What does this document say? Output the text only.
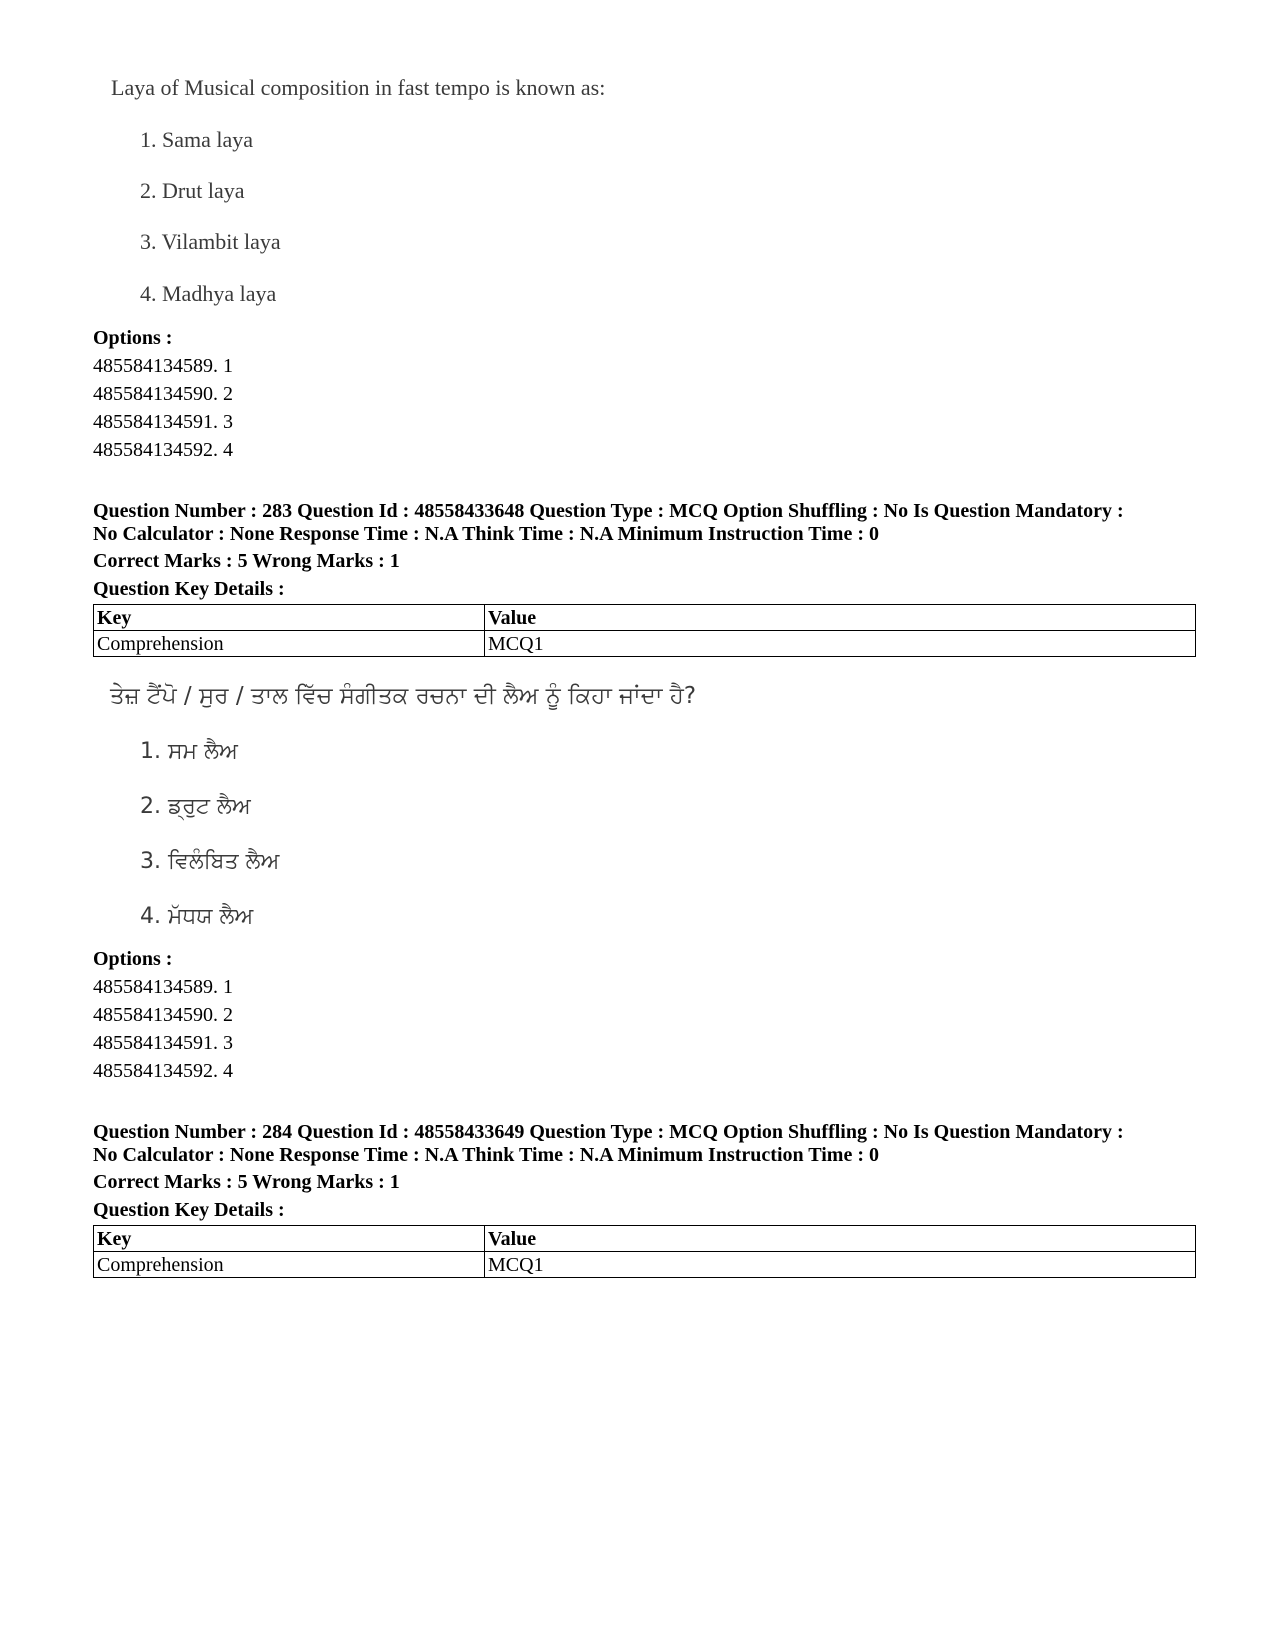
Laya of Musical composition in fast tempo is known as:
1. Sama laya
2. Drut laya
3. Vilambit laya
4. Madhya laya
Options :
485584134589. 1
485584134590. 2
485584134591. 3
485584134592. 4
Question Number : 283 Question Id : 48558433648 Question Type : MCQ Option Shuffling : No Is Question Mandatory :
No Calculator : None Response Time : N.A Think Time : N.A Minimum Instruction Time : 0
Correct Marks : 5 Wrong Marks : 1
Question Key Details :
Key	Value
Comprehension	MCQ1
ਤੇਜ਼ ਟੈਂਪੋ / ਸੁਰ / ਤਾਲ ਵਿੱਚ ਸੰਗੀਤਕ ਰਚਨਾ ਦੀ ਲੈਅ ਨੂੰ ਕਿਹਾ ਜਾਂਦਾ ਹੈ?
1. ਸਮ ਲੈਅ
2. ਡ੍ਰੁਟ ਲੈਅ
3. ਵਿਲੰਬਿਤ ਲੈਅ
4. ਮੱਧਯ ਲੈਅ
Options :
485584134589. 1
485584134590. 2
485584134591. 3
485584134592. 4
Question Number : 284 Question Id : 48558433649 Question Type : MCQ Option Shuffling : No Is Question Mandatory :
No Calculator : None Response Time : N.A Think Time : N.A Minimum Instruction Time : 0
Correct Marks : 5 Wrong Marks : 1
Question Key Details :
Key	Value
Comprehension	MCQ1
